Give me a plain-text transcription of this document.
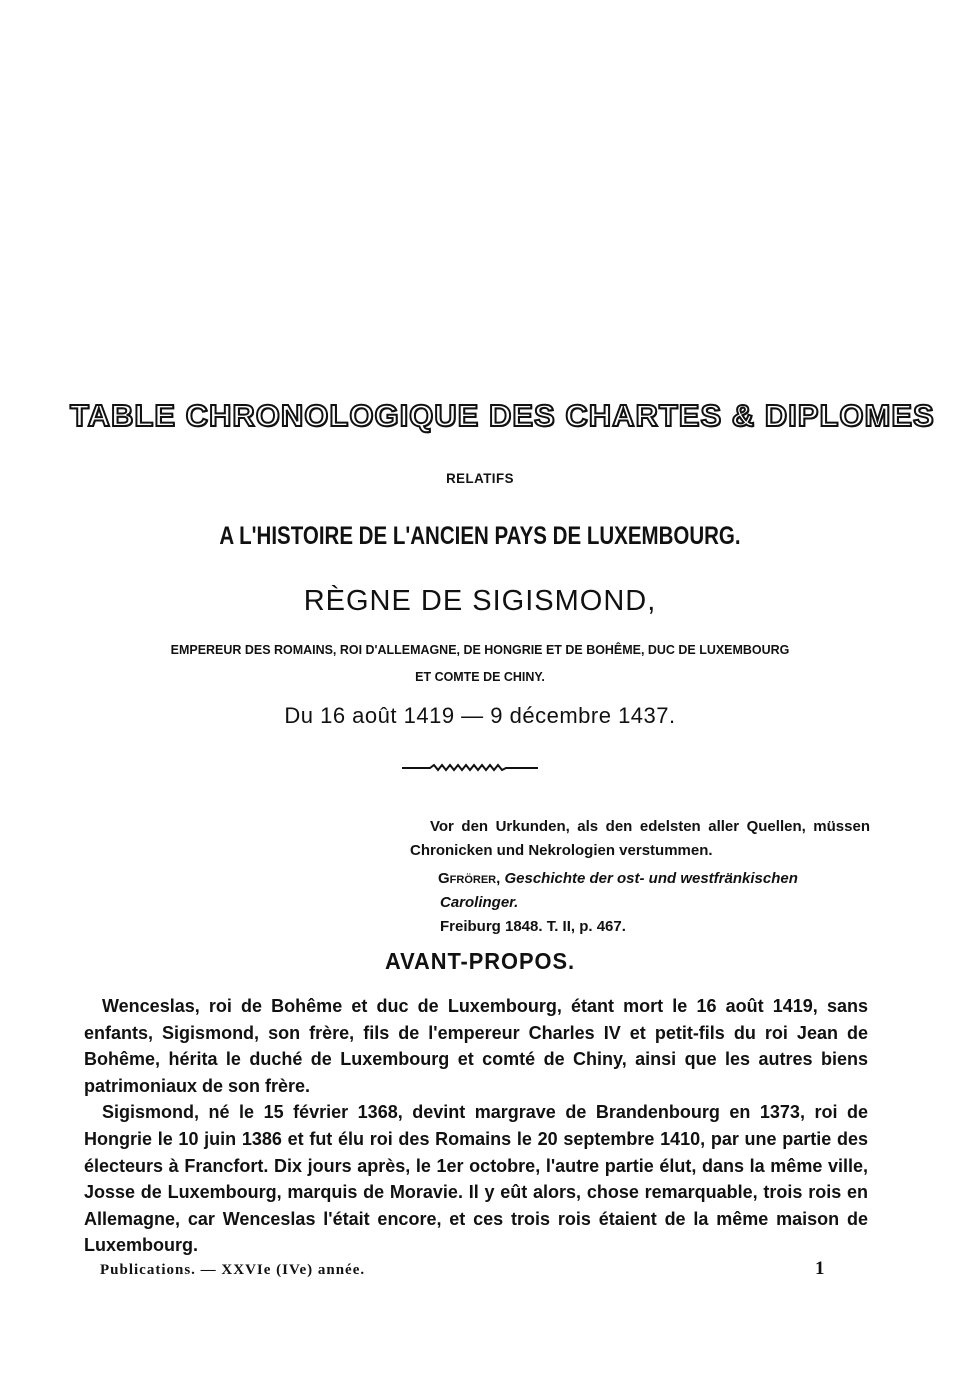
TABLE CHRONOLOGIQUE DES CHARTES & DIPLOMES
RELATIFS
A L'HISTOIRE DE L'ANCIEN PAYS DE LUXEMBOURG.
RÈGNE DE SIGISMOND,
EMPEREUR DES ROMAINS, ROI D'ALLEMAGNE, DE HONGRIE ET DE BOHÊME, DUC DE LUXEMBOURG
ET COMTE DE CHINY.
Du 16 août 1419 — 9 décembre 1437.

Vor den Urkunden, als den edelsten aller Quellen, müssen Chronicken und Nekrologien verstummen.

Gfrörer, Geschichte der ost- und westfränkischen Carolinger.
Freiburg 1848. T. II, p. 467.
AVANT-PROPOS.

Wenceslas, roi de Bohême et duc de Luxembourg, étant mort le 16 août 1419, sans enfants, Sigismond, son frère, fils de l'empereur Charles IV et petit-fils du roi Jean de Bohême, hérita le duché de Luxembourg et comté de Chiny, ainsi que les autres biens patrimoniaux de son frère.

Sigismond, né le 15 février 1368, devint margrave de Brandenbourg en 1373, roi de Hongrie le 10 juin 1386 et fut élu roi des Romains le 20 septembre 1410, par une partie des électeurs à Francfort. Dix jours après, le 1er octobre, l'autre partie élut, dans la même ville, Josse de Luxembourg, marquis de Moravie. Il y eût alors, chose remarquable, trois rois en Allemagne, car Wenceslas l'était encore, et ces trois rois étaient de la même maison de Luxembourg.

Publications. — XXVIe (IVe) année.	1
